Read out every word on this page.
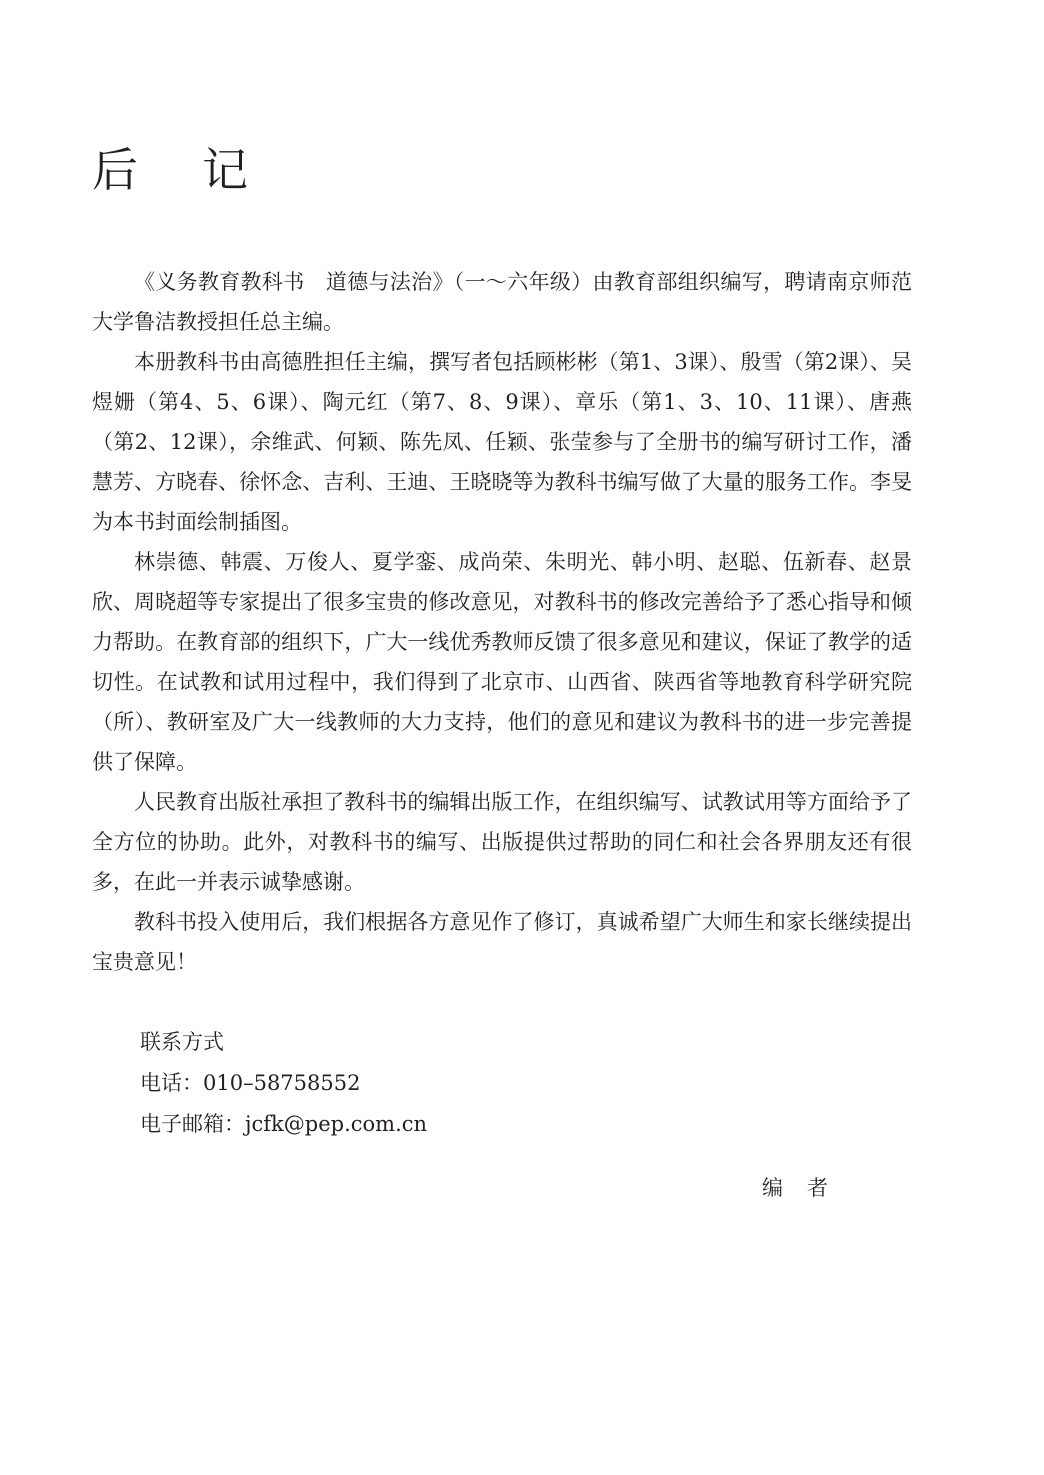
后 记

《义务教育教科书　道德与法治》（一～六年级）由教育部组织编写，聘请南京师范大学鲁洁教授担任总主编。

本册教科书由高德胜担任主编，撰写者包括顾彬彬（第1、3课）、殷雪（第2课）、吴煜姗（第4、5、6课）、陶元红（第7、8、9课）、章乐（第1、3、10、11课）、唐燕（第2、12课），余维武、何颖、陈先凤、任颖、张莹参与了全册书的编写研讨工作，潘慧芳、方晓春、徐怀念、吉利、王迪、王晓晓等为教科书编写做了大量的服务工作。李旻为本书封面绘制插图。

林崇德、韩震、万俊人、夏学銮、成尚荣、朱明光、韩小明、赵聪、伍新春、赵景欣、周晓超等专家提出了很多宝贵的修改意见，对教科书的修改完善给予了悉心指导和倾力帮助。在教育部的组织下，广大一线优秀教师反馈了很多意见和建议，保证了教学的适切性。在试教和试用过程中，我们得到了北京市、山西省、陕西省等地教育科学研究院（所）、教研室及广大一线教师的大力支持，他们的意见和建议为教科书的进一步完善提供了保障。

人民教育出版社承担了教科书的编辑出版工作，在组织编写、试教试用等方面给予了全方位的协助。此外，对教科书的编写、出版提供过帮助的同仁和社会各界朋友还有很多，在此一并表示诚挚感谢。

教科书投入使用后，我们根据各方意见作了修订，真诚希望广大师生和家长继续提出宝贵意见！

联系方式
电话：010–58758552
电子邮箱：jcfk@pep.com.cn
编 者
